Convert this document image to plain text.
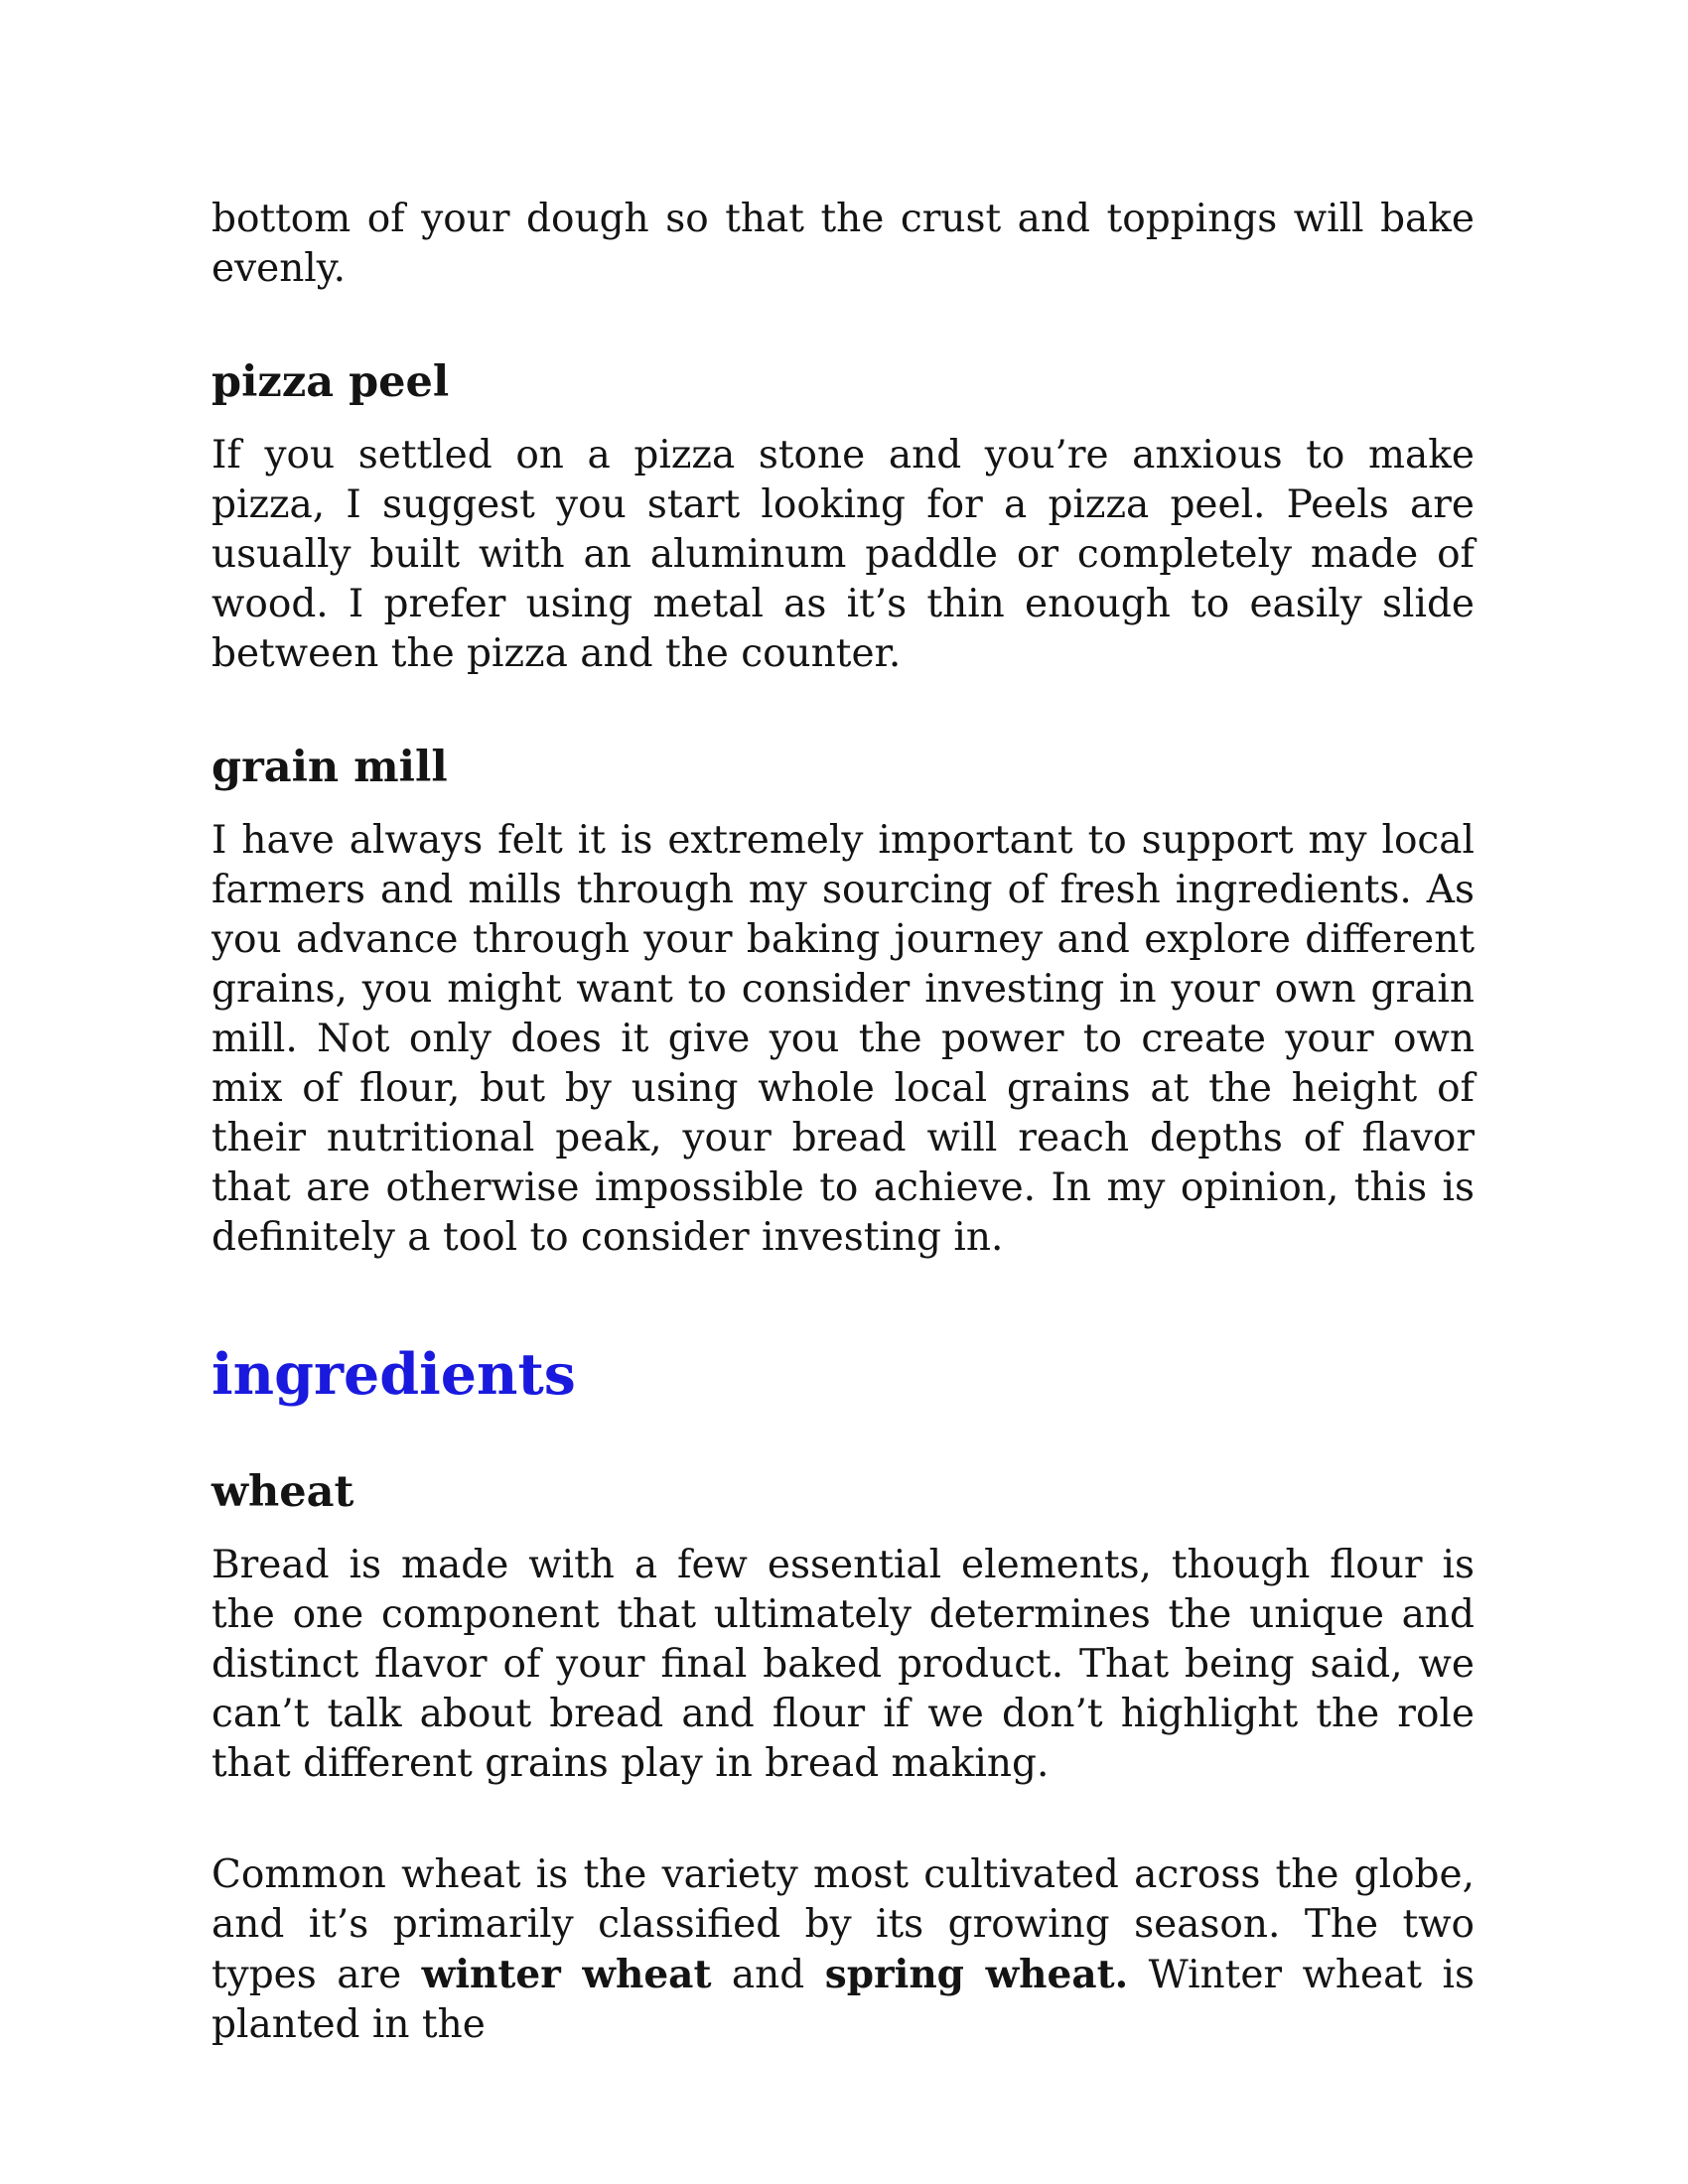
bottom of your dough so that the crust and toppings will bake evenly.

pizza peel

If you settled on a pizza stone and you’re anxious to make pizza, I suggest you start looking for a pizza peel. Peels are usually built with an aluminum paddle or completely made of wood. I prefer using metal as it’s thin enough to easily slide between the pizza and the counter.

grain mill

I have always felt it is extremely important to support my local farmers and mills through my sourcing of fresh ingredients. As you advance through your baking journey and explore different grains, you might want to consider investing in your own grain mill. Not only does it give you the power to create your own mix of flour, but by using whole local grains at the height of their nutritional peak, your bread will reach depths of flavor that are otherwise impossible to achieve. In my opinion, this is definitely a tool to consider investing in.

ingredients
wheat

Bread is made with a few essential elements, though flour is the one component that ultimately determines the unique and distinct flavor of your final baked product. That being said, we can’t talk about bread and flour if we don’t highlight the role that different grains play in bread making.

Common wheat is the variety most cultivated across the globe, and it’s primarily classified by its growing season. The two types are winter wheat and spring wheat. Winter wheat is planted in the
